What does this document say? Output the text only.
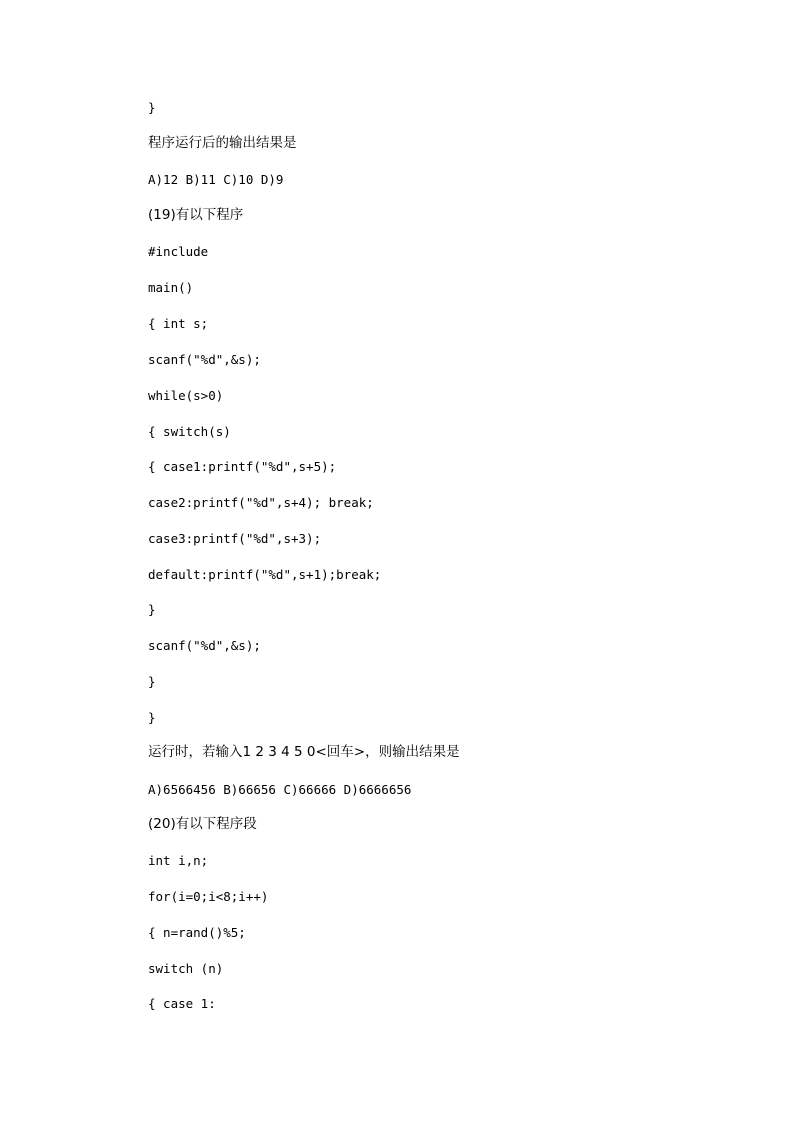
}
程序运行后的输出结果是
A)12 B)11 C)10 D)9
(19)有以下程序
#include
main()
{ int s;
scanf("%d",&s);
while(s>0)
{ switch(s)
{ case1:printf("%d",s+5);
case2:printf("%d",s+4); break;
case3:printf("%d",s+3);
default:printf("%d",s+1);break;
}
scanf("%d",&s);
}
}
运行时，若输入1 2 3 4 5 0<回车>，则输出结果是
A)6566456 B)66656 C)66666 D)6666656
(20)有以下程序段
int i,n;
for(i=0;i<8;i++)
{ n=rand()%5;
switch (n)
{ case 1:
